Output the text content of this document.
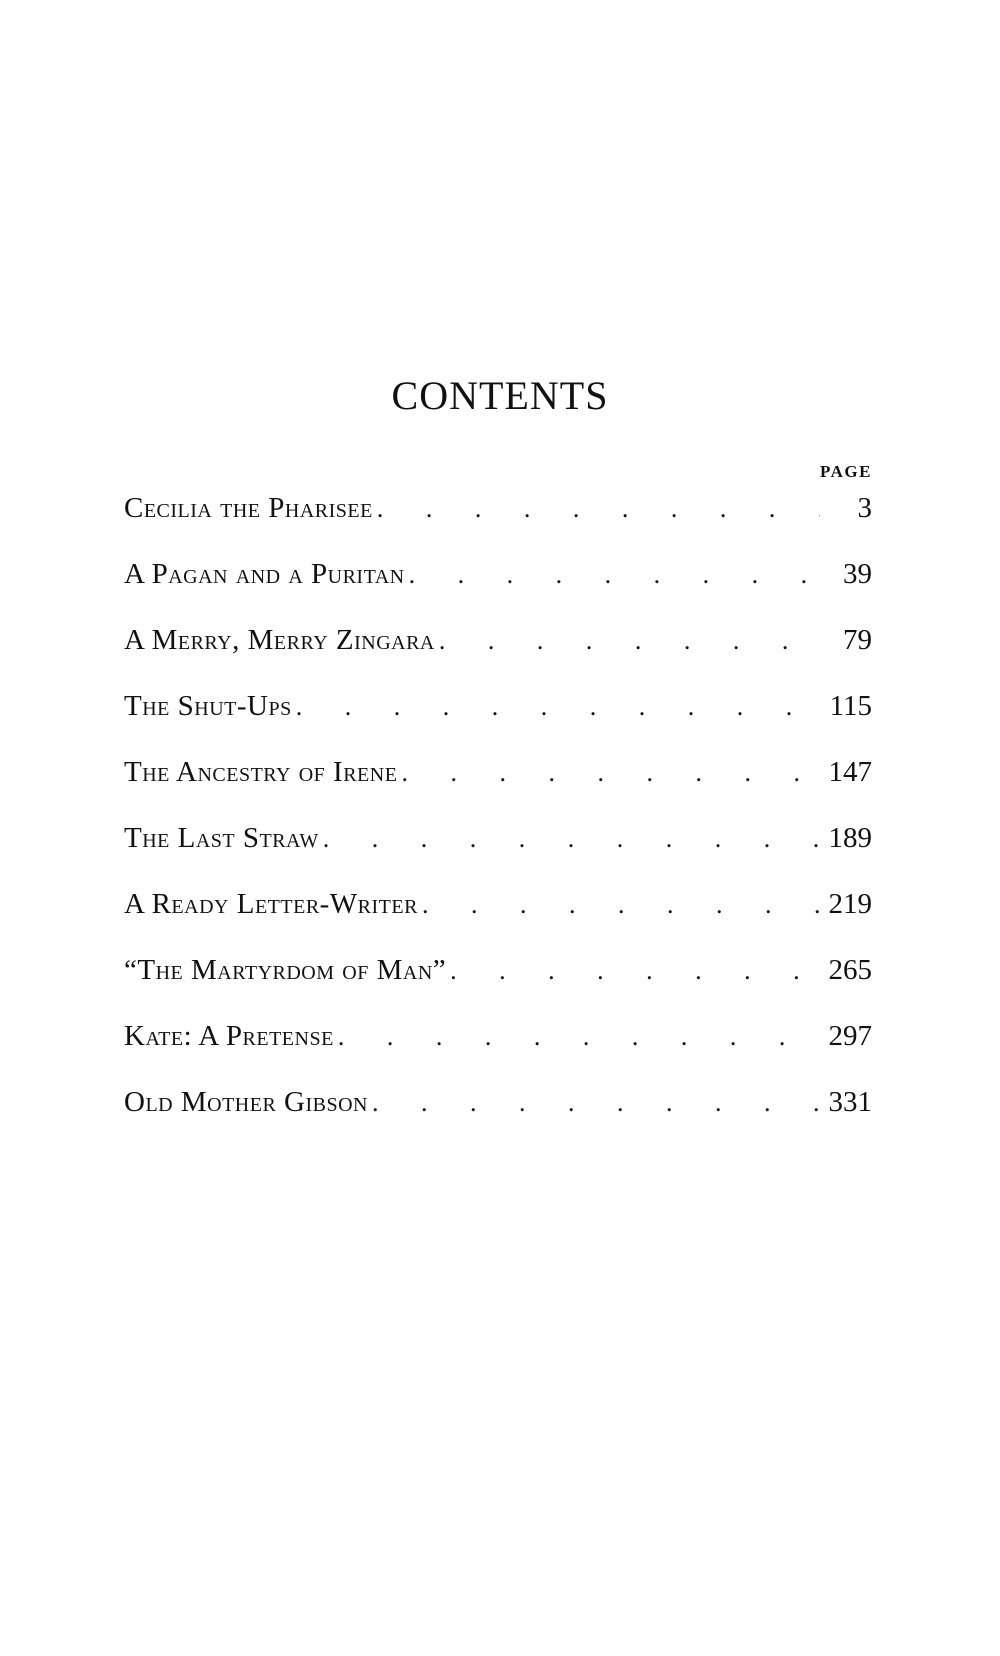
CONTENTS
PAGE
Cecilia the Pharisee . . .	3
A Pagan and a Puritan . . .	39
A Merry, Merry Zingara . . .	79
The Shut-Ups . . .	115
The Ancestry of Irene . . .	147
The Last Straw . . .	189
A Ready Letter-Writer . . .	219
“The Martyrdom of Man” . . .	265
Kate: A Pretense . . .	297
Old Mother Gibson . . .	331
